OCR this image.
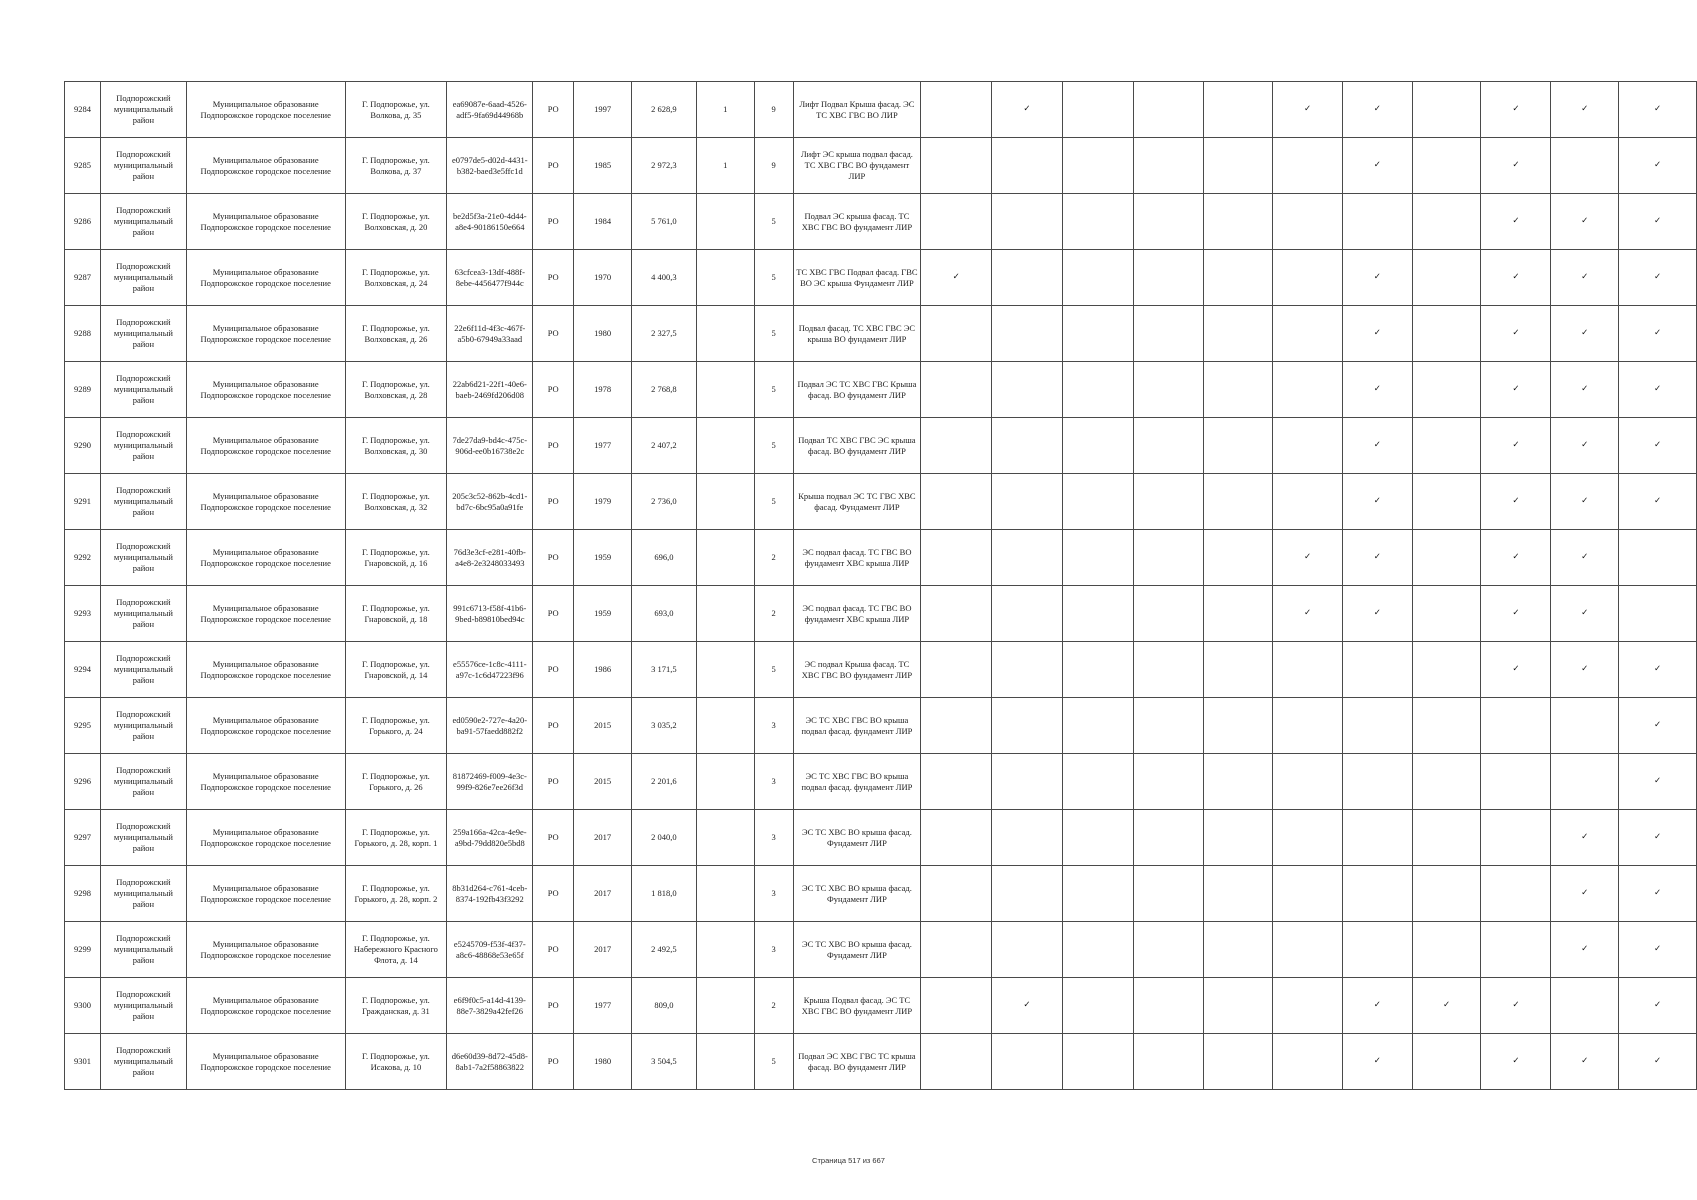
9284	Подпорожский муниципальный район	Муниципальное образование Подпорожское городское поселение	Г. Подпорожье, ул. Волкова, д. 35	ea69087e-6aad-4526-adf5-9fa69d44968b	РО	1997	2 628,9	1	9	Лифт Подвал Крыша фасад. ЭС ТС ХВС ГВС ВО ЛИР		✓				✓	✓		✓	✓	✓
9285	Подпорожский муниципальный район	Муниципальное образование Подпорожское городское поселение	Г. Подпорожье, ул. Волкова, д. 37	e0797de5-d02d-4431-b382-baed3e5ffc1d	РО	1985	2 972,3	1	9	Лифт ЭС крыша подвал фасад. ТС ХВС ГВС ВО фундамент ЛИР							✓		✓		✓
9286	Подпорожский муниципальный район	Муниципальное образование Подпорожское городское поселение	Г. Подпорожье, ул. Волховская, д. 20	be2d5f3a-21e0-4d44-a8e4-90186150e664	РО	1984	5 761,0		5	Подвал ЭС крыша фасад. ТС ХВС ГВС ВО фундамент ЛИР									✓	✓	✓
9287	Подпорожский муниципальный район	Муниципальное образование Подпорожское городское поселение	Г. Подпорожье, ул. Волховская, д. 24	63cfcea3-13df-488f-8ebe-4456477f944c	РО	1970	4 400,3		5	ТС ХВС ГВС Подвал фасад. ГВС ВО ЭС крыша Фундамент ЛИР	✓						✓		✓	✓	✓
9288	Подпорожский муниципальный район	Муниципальное образование Подпорожское городское поселение	Г. Подпорожье, ул. Волховская, д. 26	22e6f11d-4f3c-467f-a5b0-67949a33aad	РО	1980	2 327,5		5	Подвал фасад. ТС ХВС ГВС ЭС крыша ВО фундамент ЛИР							✓		✓	✓	✓
9289	Подпорожский муниципальный район	Муниципальное образование Подпорожское городское поселение	Г. Подпорожье, ул. Волховская, д. 28	22ab6d21-22f1-40e6-baeb-2469fd206d08	РО	1978	2 768,8		5	Подвал ЭС ТС ХВС ГВС Крыша фасад. ВО фундамент ЛИР							✓		✓	✓	✓
9290	Подпорожский муниципальный район	Муниципальное образование Подпорожское городское поселение	Г. Подпорожье, ул. Волховская, д. 30	7de27da9-bd4c-475c-906d-ee0b16738e2c	РО	1977	2 407,2		5	Подвал ТС ХВС ГВС ЭС крыша фасад. ВО фундамент ЛИР							✓		✓	✓	✓
9291	Подпорожский муниципальный район	Муниципальное образование Подпорожское городское поселение	Г. Подпорожье, ул. Волховская, д. 32	205c3c52-862b-4cd1-bd7c-6bc95a0a91fe	РО	1979	2 736,0		5	Крыша подвал ЭС ТС ГВС ХВС фасад. Фундамент ЛИР							✓		✓	✓	✓
9292	Подпорожский муниципальный район	Муниципальное образование Подпорожское городское поселение	Г. Подпорожье, ул. Гнаровской, д. 16	76d3e3cf-e281-40fb-a4e8-2e3248033493	РО	1959	696,0		2	ЭС подвал фасад. ТС ГВС ВО фундамент ХВС крыша ЛИР						✓	✓		✓	✓	
9293	Подпорожский муниципальный район	Муниципальное образование Подпорожское городское поселение	Г. Подпорожье, ул. Гнаровской, д. 18	991c6713-f58f-41b6-9bed-b89810bed94c	РО	1959	693,0		2	ЭС подвал фасад. ТС ГВС ВО фундамент ХВС крыша ЛИР						✓	✓		✓	✓	
9294	Подпорожский муниципальный район	Муниципальное образование Подпорожское городское поселение	Г. Подпорожье, ул. Гнаровской, д. 14	e55576ce-1c8c-4111-a97c-1c6d47223f96	РО	1986	3 171,5		5	ЭС подвал Крыша фасад. ТС ХВС ГВС ВО фундамент ЛИР									✓	✓	✓
9295	Подпорожский муниципальный район	Муниципальное образование Подпорожское городское поселение	Г. Подпорожье, ул. Горького, д. 24	ed0590e2-727e-4a20-ba91-57faedd882f2	РО	2015	3 035,2		3	ЭС ТС ХВС ГВС ВО крыша подвал фасад. фундамент ЛИР											✓
9296	Подпорожский муниципальный район	Муниципальное образование Подпорожское городское поселение	Г. Подпорожье, ул. Горького, д. 26	81872469-f009-4e3c-99f9-826e7ee26f3d	РО	2015	2 201,6		3	ЭС ТС ХВС ГВС ВО крыша подвал фасад. фундамент ЛИР											✓
9297	Подпорожский муниципальный район	Муниципальное образование Подпорожское городское поселение	Г. Подпорожье, ул. Горького, д. 28, корп. 1	259a166a-42ca-4e9e-a9bd-79dd820e5bd8	РО	2017	2 040,0		3	ЭС ТС ХВС ВО крыша фасад. Фундамент ЛИР										✓	✓
9298	Подпорожский муниципальный район	Муниципальное образование Подпорожское городское поселение	Г. Подпорожье, ул. Горького, д. 28, корп. 2	8b31d264-c761-4ceb-8374-192fb43f3292	РО	2017	1 818,0		3	ЭС ТС ХВС ВО крыша фасад. Фундамент ЛИР										✓	✓
9299	Подпорожский муниципальный район	Муниципальное образование Подпорожское городское поселение	Г. Подпорожье, ул. Набережного Красного Флота, д. 14	e5245709-f53f-4f37-a8c6-48868e53e65f	РО	2017	2 492,5		3	ЭС ТС ХВС ВО крыша фасад. Фундамент ЛИР										✓	✓
9300	Подпорожский муниципальный район	Муниципальное образование Подпорожское городское поселение	Г. Подпорожье, ул. Гражданская, д. 31	e6f9f0c5-a14d-4139-88e7-3829a42fef26	РО	1977	809,0		2	Крыша Подвал фасад. ЭС ТС ХВС ГВС ВО фундамент ЛИР		✓					✓	✓	✓		✓
9301	Подпорожский муниципальный район	Муниципальное образование Подпорожское городское поселение	Г. Подпорожье, ул. Исакова, д. 10	d6e60d39-8d72-45d8-8ab1-7a2f58863822	РО	1980	3 504,5		5	Подвал ЭС ХВС ГВС ТС крыша фасад. ВО фундамент ЛИР							✓		✓	✓	✓
Страница 517 из 667
